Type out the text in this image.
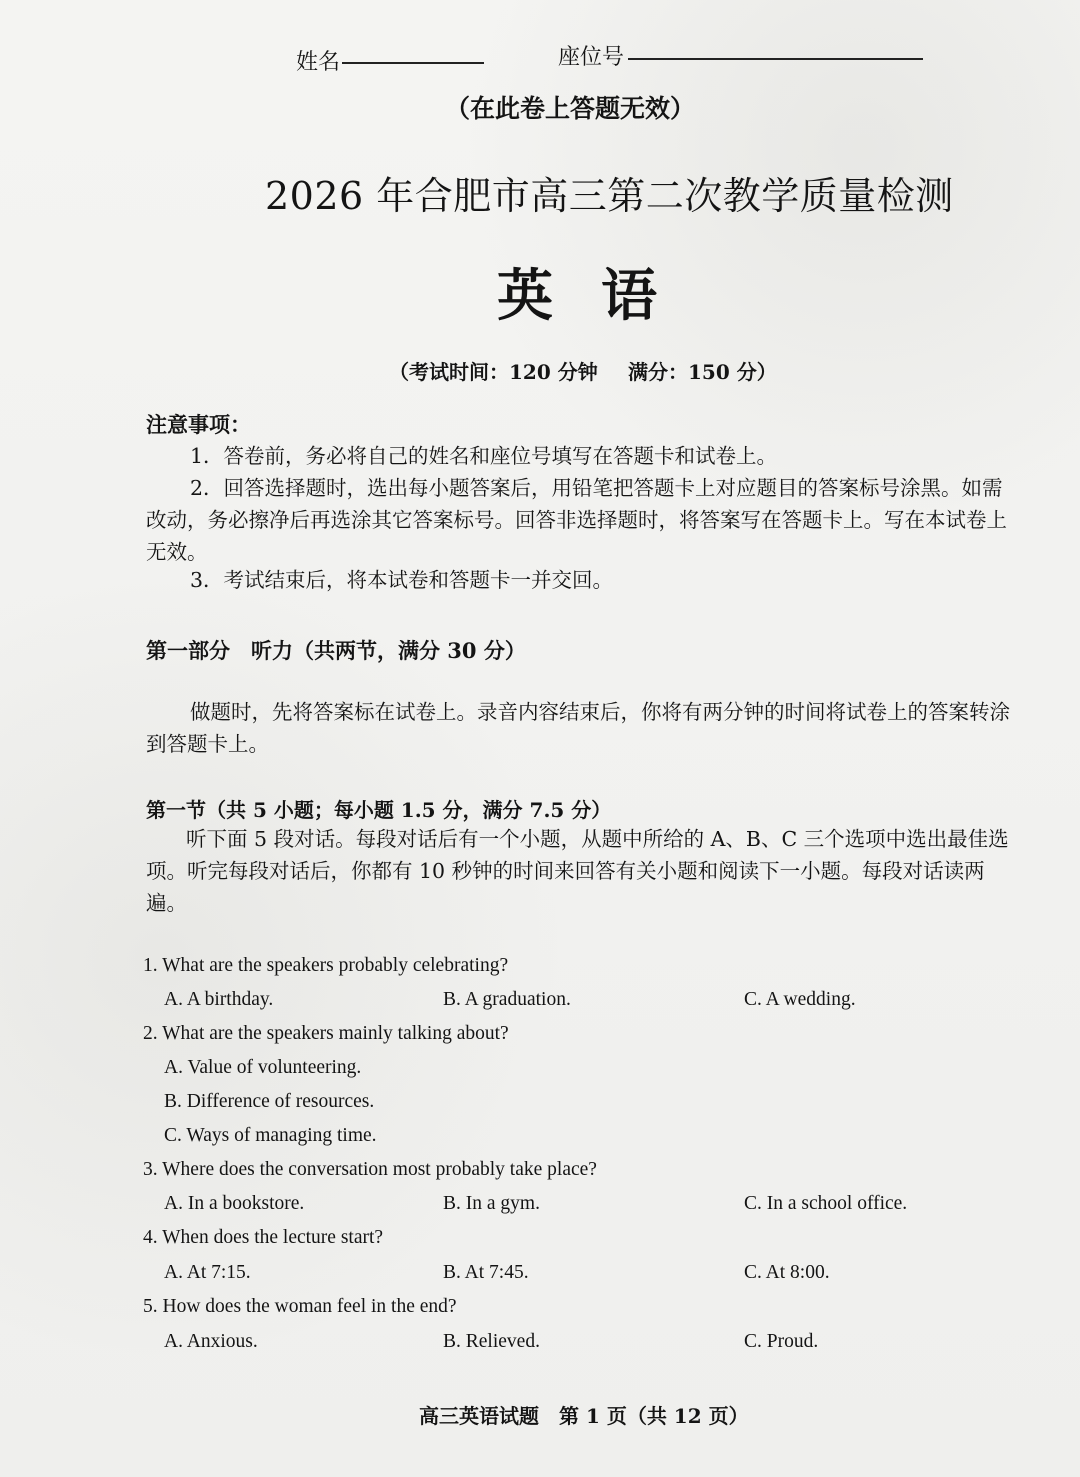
姓名	座位号
（在此卷上答题无效）
2026 年合肥市高三第二次教学质量检测
英语
（考试时间：120 分钟 满分：150 分）
注意事项：
1．答卷前，务必将自己的姓名和座位号填写在答题卡和试卷上。
2．回答选择题时，选出每小题答案后，用铅笔把答题卡上对应题目的答案标号涂黑。如需改动，务必擦净后再选涂其它答案标号。回答非选择题时，将答案写在答题卡上。写在本试卷上无效。
3．考试结束后，将本试卷和答题卡一并交回。
第一部分　听力（共两节，满分 30 分）
做题时，先将答案标在试卷上。录音内容结束后，你将有两分钟的时间将试卷上的答案转涂到答题卡上。
第一节（共 5 小题；每小题 1.5 分，满分 7.5 分）
听下面 5 段对话。每段对话后有一个小题，从题中所给的 A、B、C 三个选项中选出最佳选项。听完每段对话后，你都有 10 秒钟的时间来回答有关小题和阅读下一小题。每段对话读两遍。
1. What are the speakers probably celebrating?
A. A birthday.	B. A graduation.	C. A wedding.
2. What are the speakers mainly talking about?
A. Value of volunteering.
B. Difference of resources.
C. Ways of managing time.
3. Where does the conversation most probably take place?
A. In a bookstore.	B. In a gym.	C. In a school office.
4. When does the lecture start?
A. At 7:15.	B. At 7:45.	C. At 8:00.
5. How does the woman feel in the end?
A. Anxious.	B. Relieved.	C. Proud.
高三英语试题　第 1 页（共 12 页）
